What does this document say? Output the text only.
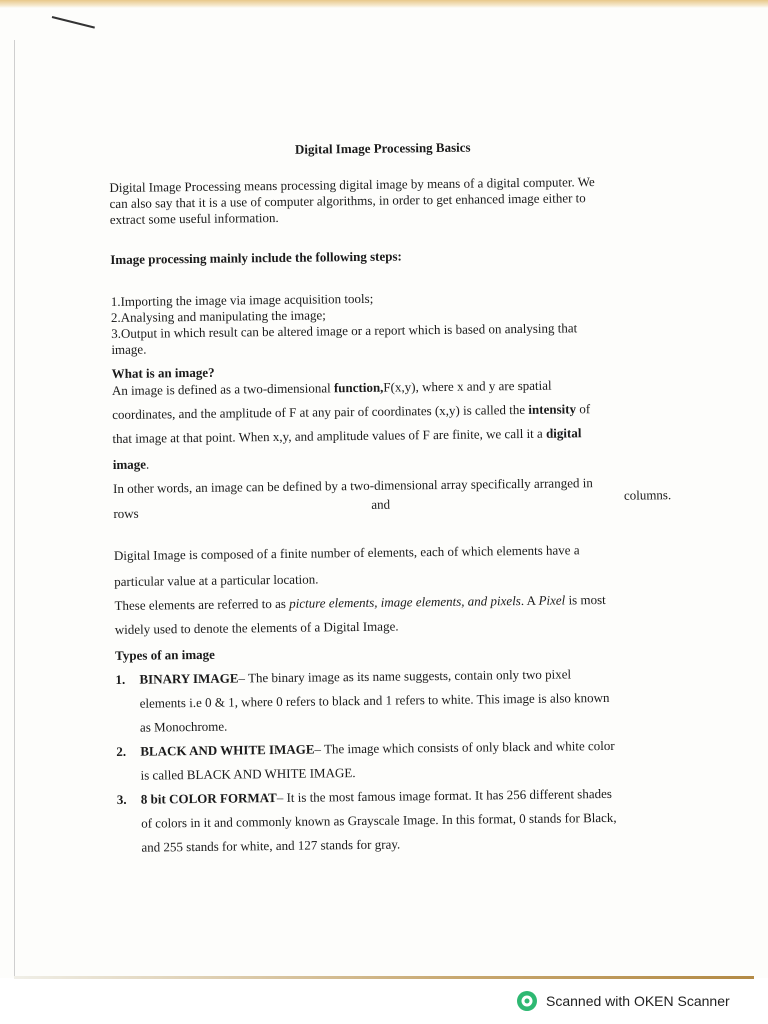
Digital Image Processing Basics
Digital Image Processing means processing digital image by means of a digital computer. We
can also say that it is a use of computer algorithms, in order to get enhanced image either to
extract some useful information.
Image processing mainly include the following steps:
1.Importing the image via image acquisition tools;
2.Analysing and manipulating the image;
3.Output in which result can be altered image or a report which is based on analysing that
image.
What is an image?
An image is defined as a two-dimensional function,F(x,y), where x and y are spatial
coordinates, and the amplitude of F at any pair of coordinates (x,y) is called the intensity of
that image at that point. When x,y, and amplitude values of F are finite, we call it a digital
image.
In other words, an image can be defined by a two-dimensional array specifically arranged in
rows
and
columns.
Digital Image is composed of a finite number of elements, each of which elements have a
particular value at a particular location.
These elements are referred to as picture elements, image elements, and pixels. A Pixel is most
widely used to denote the elements of a Digital Image.
Types of an image
1. BINARY IMAGE– The binary image as its name suggests, contain only two pixel
elements i.e 0 & 1, where 0 refers to black and 1 refers to white. This image is also known
as Monochrome.
2. BLACK AND WHITE IMAGE– The image which consists of only black and white color
is called BLACK AND WHITE IMAGE.
3. 8 bit COLOR FORMAT– It is the most famous image format. It has 256 different shades
of colors in it and commonly known as Grayscale Image. In this format, 0 stands for Black,
and 255 stands for white, and 127 stands for gray.
Scanned with OKEN Scanner
